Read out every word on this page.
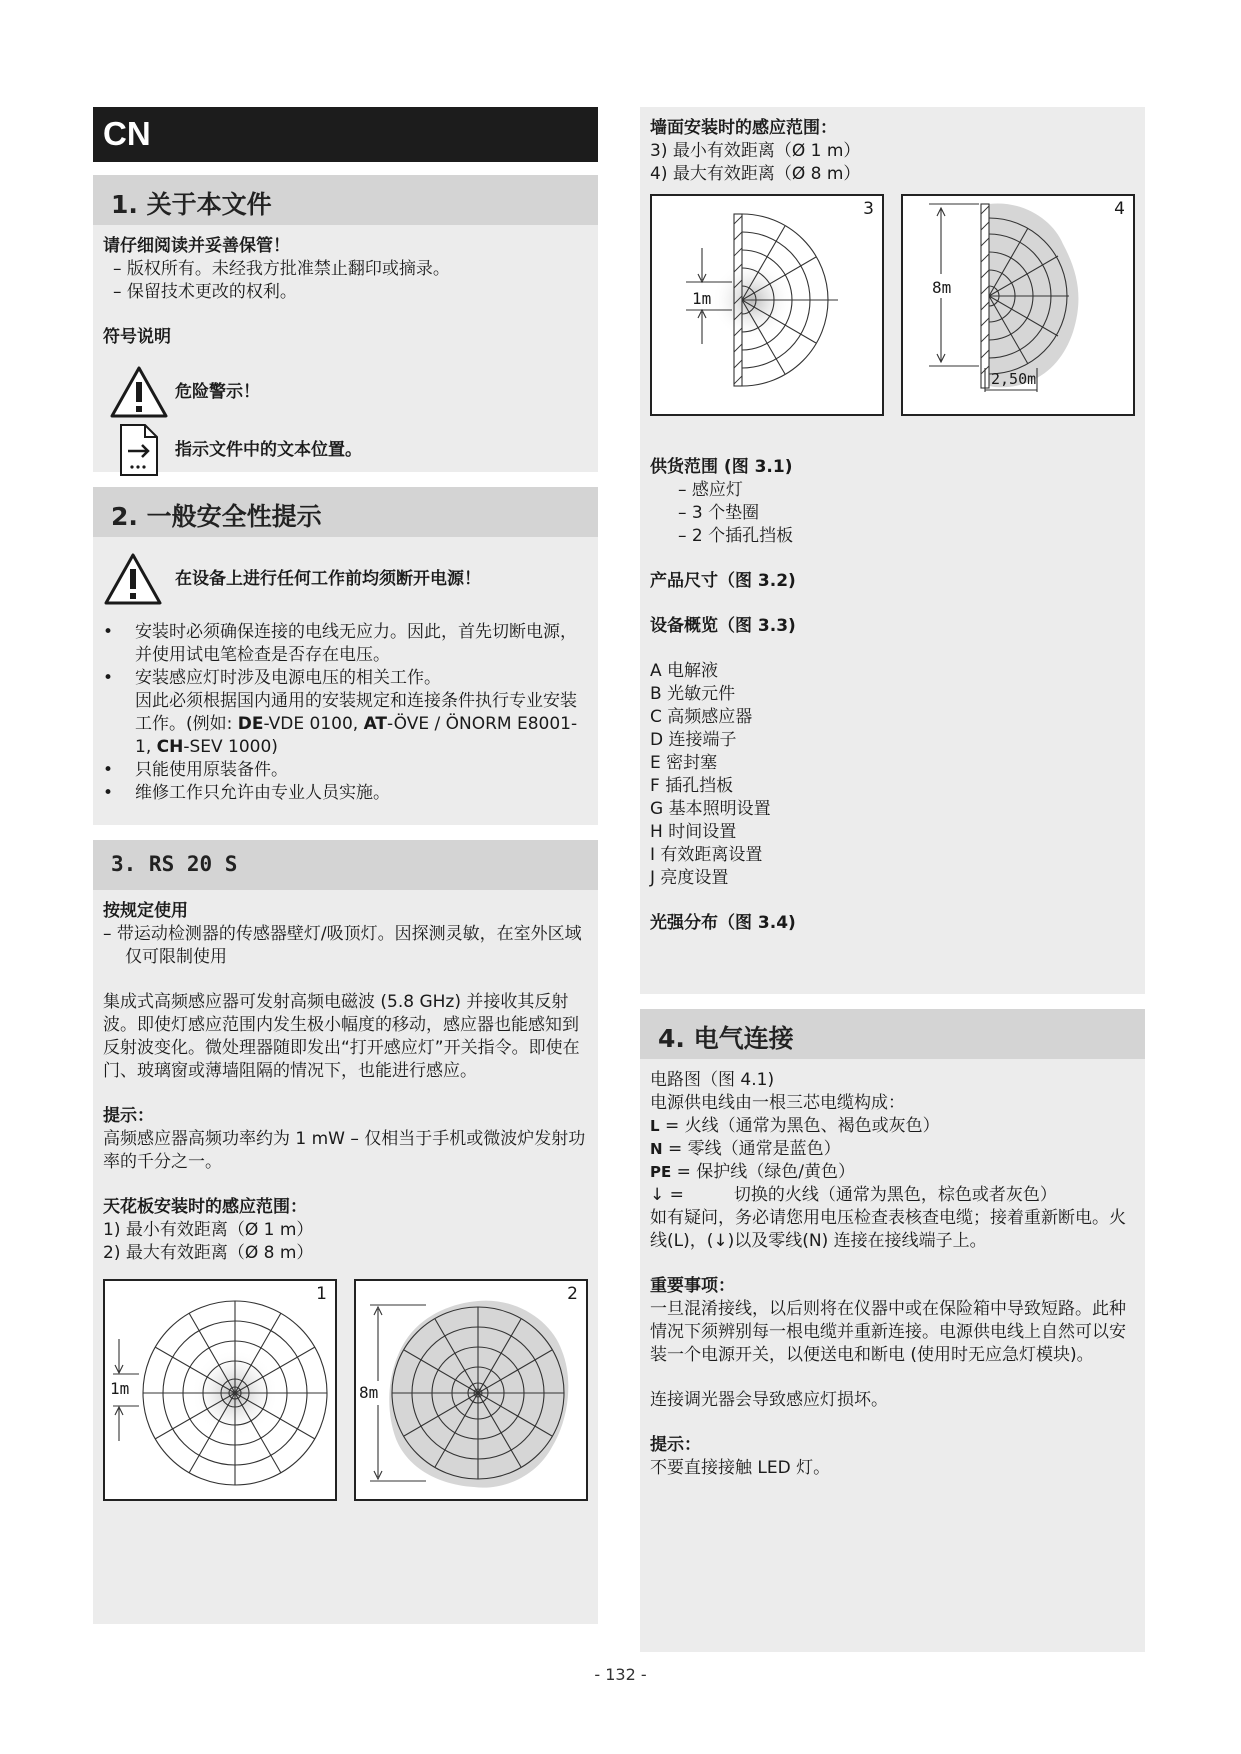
CN
1. 关于本文件
请仔细阅读并妥善保管！
– 版权所有。未经我方批准禁止翻印或摘录。
– 保留技术更改的权利。
符号说明
危险警示！
指示文件中的文本位置。
2. 一般安全性提示
在设备上进行任何工作前均须断开电源！
• 安装时必须确保连接的电线无应力。因此，首先切断电源，并使用试电笔检查是否存在电压。
• 安装感应灯时涉及电源电压的相关工作。
因此必须根据国内通用的安装规定和连接条件执行专业安装工作。(例如: DE-VDE 0100, AT-ÖVE / ÖNORM E8001-1, CH-SEV 1000)
• 只能使用原装备件。
• 维修工作只允许由专业人员实施。
3. RS 20 S
按规定使用
– 带运动检测器的传感器壁灯/吸顶灯。因探测灵敏，在室外区域仅可限制使用
集成式高频感应器可发射高频电磁波 (5.8 GHz) 并接收其反射波。即使灯感应范围内发生极小幅度的移动，感应器也能感知到反射波变化。微处理器随即发出“打开感应灯”开关指令。即使在门、玻璃窗或薄墙阻隔的情况下，也能进行感应。
提示：
高频感应器高频功率约为 1 mW – 仅相当于手机或微波炉发射功率的千分之一。
天花板安装时的感应范围：
1) 最小有效距离（Ø 1 m）
2) 最大有效距离（Ø 8 m）
1
1m
2
8m
墙面安装时的感应范围：
3) 最小有效距离（Ø 1 m）
4) 最大有效距离（Ø 8 m）
3
1m
4
8m
2,50m
供货范围 (图 3.1)
– 感应灯
– 3 个垫圈
– 2 个插孔挡板
产品尺寸（图 3.2)
设备概览（图 3.3)
A 电解液
B 光敏元件
C 高频感应器
D 连接端子
E 密封塞
F 插孔挡板
G 基本照明设置
H 时间设置
I 有效距离设置
J 亮度设置
光强分布（图 3.4)
4. 电气连接
电路图（图 4.1)
电源供电线由一根三芯电缆构成：
L = 火线（通常为黑色、褐色或灰色）
N = 零线（通常是蓝色）
PE = 保护线（绿色/黄色）
↓ =	切换的火线（通常为黑色，棕色或者灰色）
如有疑问，务必请您用电压检查表核查电缆；接着重新断电。火线(L)，(↓)以及零线(N) 连接在接线端子上。
重要事项：
一旦混淆接线，以后则将在仪器中或在保险箱中导致短路。此种情况下须辨别每一根电缆并重新连接。电源供电线上自然可以安装一个电源开关，以便送电和断电 (使用时无应急灯模块)。
连接调光器会导致感应灯损坏。
提示：
不要直接接触 LED 灯。
- 132 -
